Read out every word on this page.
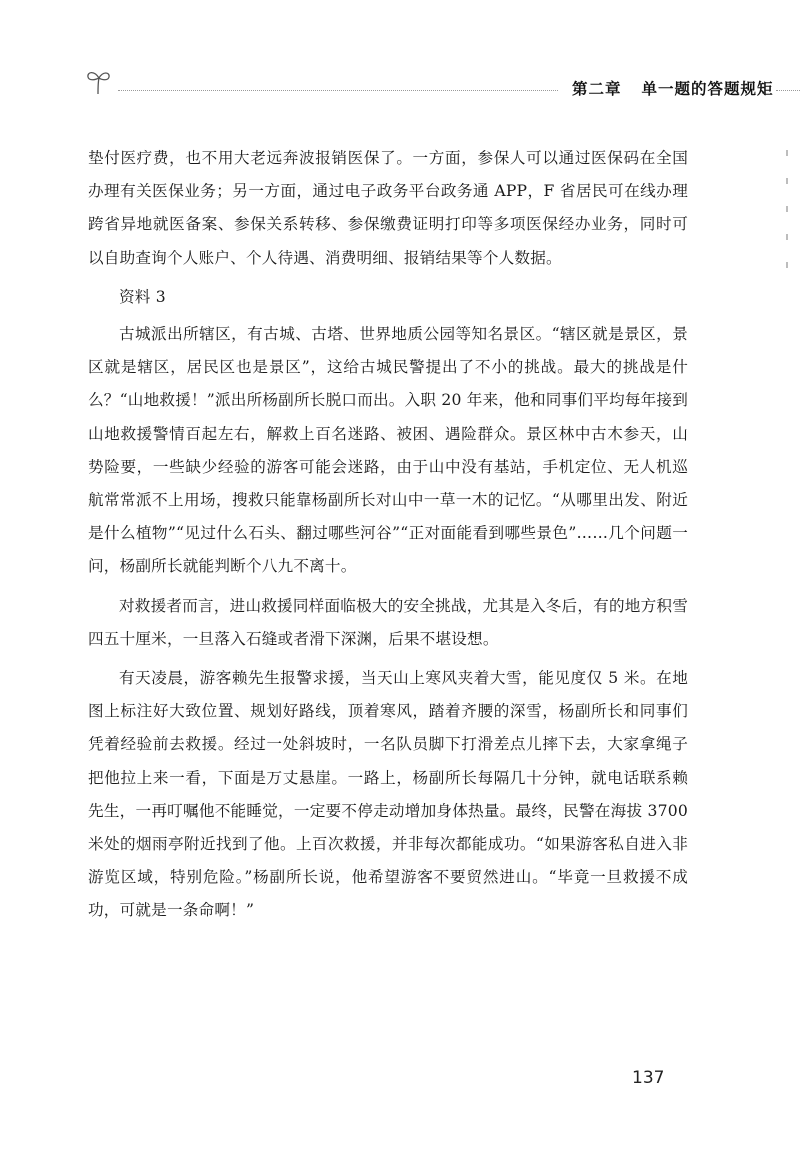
第二章 单一题的答题规矩

垫付医疗费，也不用大老远奔波报销医保了。一方面，参保人可以通过医保码在全国办理有关医保业务；另一方面，通过电子政务平台政务通 APP，F 省居民可在线办理跨省异地就医备案、参保关系转移、参保缴费证明打印等多项医保经办业务，同时可以自助查询个人账户、个人待遇、消费明细、报销结果等个人数据。

资料 3

古城派出所辖区，有古城、古塔、世界地质公园等知名景区。“辖区就是景区，景区就是辖区，居民区也是景区”，这给古城民警提出了不小的挑战。最大的挑战是什么？“山地救援！”派出所杨副所长脱口而出。入职 20 年来，他和同事们平均每年接到山地救援警情百起左右，解救上百名迷路、被困、遇险群众。景区林中古木参天，山势险要，一些缺少经验的游客可能会迷路，由于山中没有基站，手机定位、无人机巡航常常派不上用场，搜救只能靠杨副所长对山中一草一木的记忆。“从哪里出发、附近是什么植物”“见过什么石头、翻过哪些河谷”“正对面能看到哪些景色”……几个问题一问，杨副所长就能判断个八九不离十。

对救援者而言，进山救援同样面临极大的安全挑战，尤其是入冬后，有的地方积雪四五十厘米，一旦落入石缝或者滑下深渊，后果不堪设想。

有天凌晨，游客赖先生报警求援，当天山上寒风夹着大雪，能见度仅 5 米。在地图上标注好大致位置、规划好路线，顶着寒风，踏着齐腰的深雪，杨副所长和同事们凭着经验前去救援。经过一处斜坡时，一名队员脚下打滑差点儿摔下去，大家拿绳子把他拉上来一看，下面是万丈悬崖。一路上，杨副所长每隔几十分钟，就电话联系赖先生，一再叮嘱他不能睡觉，一定要不停走动增加身体热量。最终，民警在海拔 3700 米处的烟雨亭附近找到了他。上百次救援，并非每次都能成功。“如果游客私自进入非游览区域，特别危险。”杨副所长说，他希望游客不要贸然进山。“毕竟一旦救援不成功，可就是一条命啊！”

137
